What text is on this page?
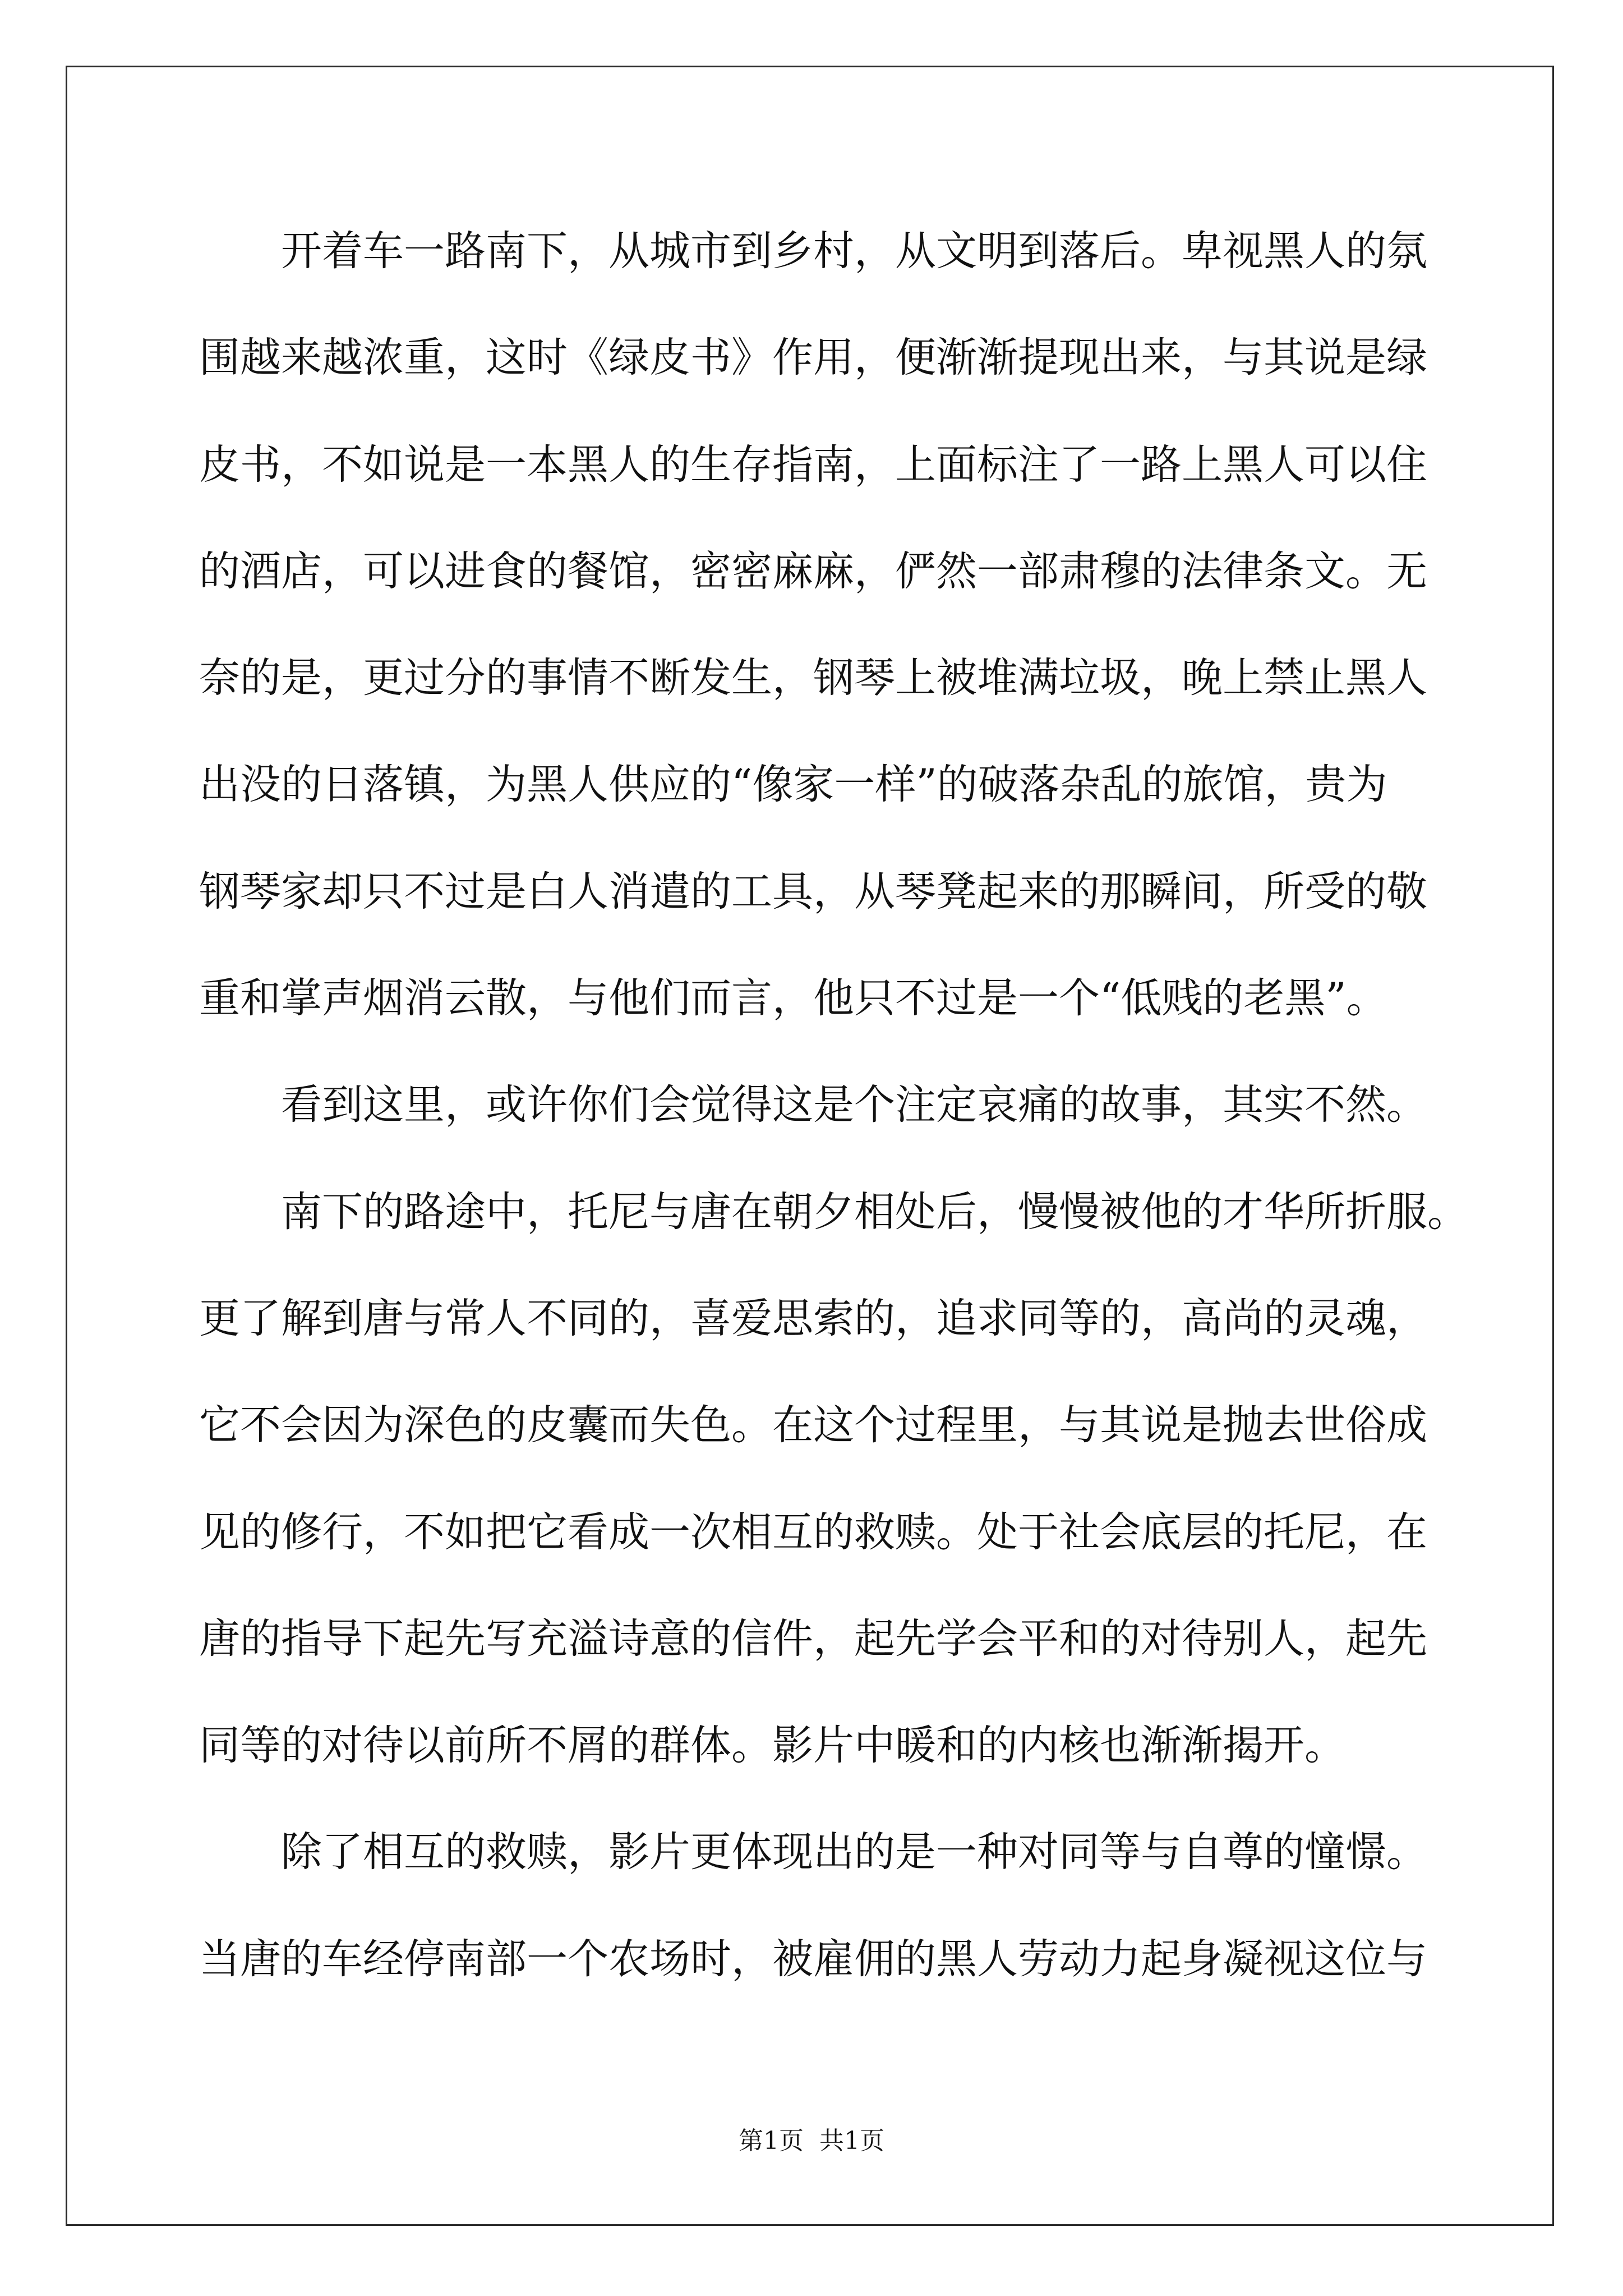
开着车一路南下，从城市到乡村，从文明到落后。卑视黑人的氛
围越来越浓重，这时《绿皮书》作用，便渐渐提现出来，与其说是绿
皮书，不如说是一本黑人的生存指南，上面标注了一路上黑人可以住
的酒店，可以进食的餐馆，密密麻麻，俨然一部肃穆的法律条文。无
奈的是，更过分的事情不断发生，钢琴上被堆满垃圾，晚上禁止黑人
出没的日落镇，为黑人供应的“像家一样”的破落杂乱的旅馆，贵为
钢琴家却只不过是白人消遣的工具，从琴凳起来的那瞬间，所受的敬
重和掌声烟消云散，与他们而言，他只不过是一个“低贱的老黑”。
看到这里，或许你们会觉得这是个注定哀痛的故事，其实不然。
南下的路途中，托尼与唐在朝夕相处后，慢慢被他的才华所折服。
更了解到唐与常人不同的，喜爱思索的，追求同等的，高尚的灵魂，
它不会因为深色的皮囊而失色。在这个过程里，与其说是抛去世俗成
见的修行，不如把它看成一次相互的救赎。处于社会底层的托尼，在
唐的指导下起先写充溢诗意的信件，起先学会平和的对待别人，起先
同等的对待以前所不屑的群体。影片中暖和的内核也渐渐揭开。
除了相互的救赎，影片更体现出的是一种对同等与自尊的憧憬。
当唐的车经停南部一个农场时，被雇佣的黑人劳动力起身凝视这位与
第1页  共1页
